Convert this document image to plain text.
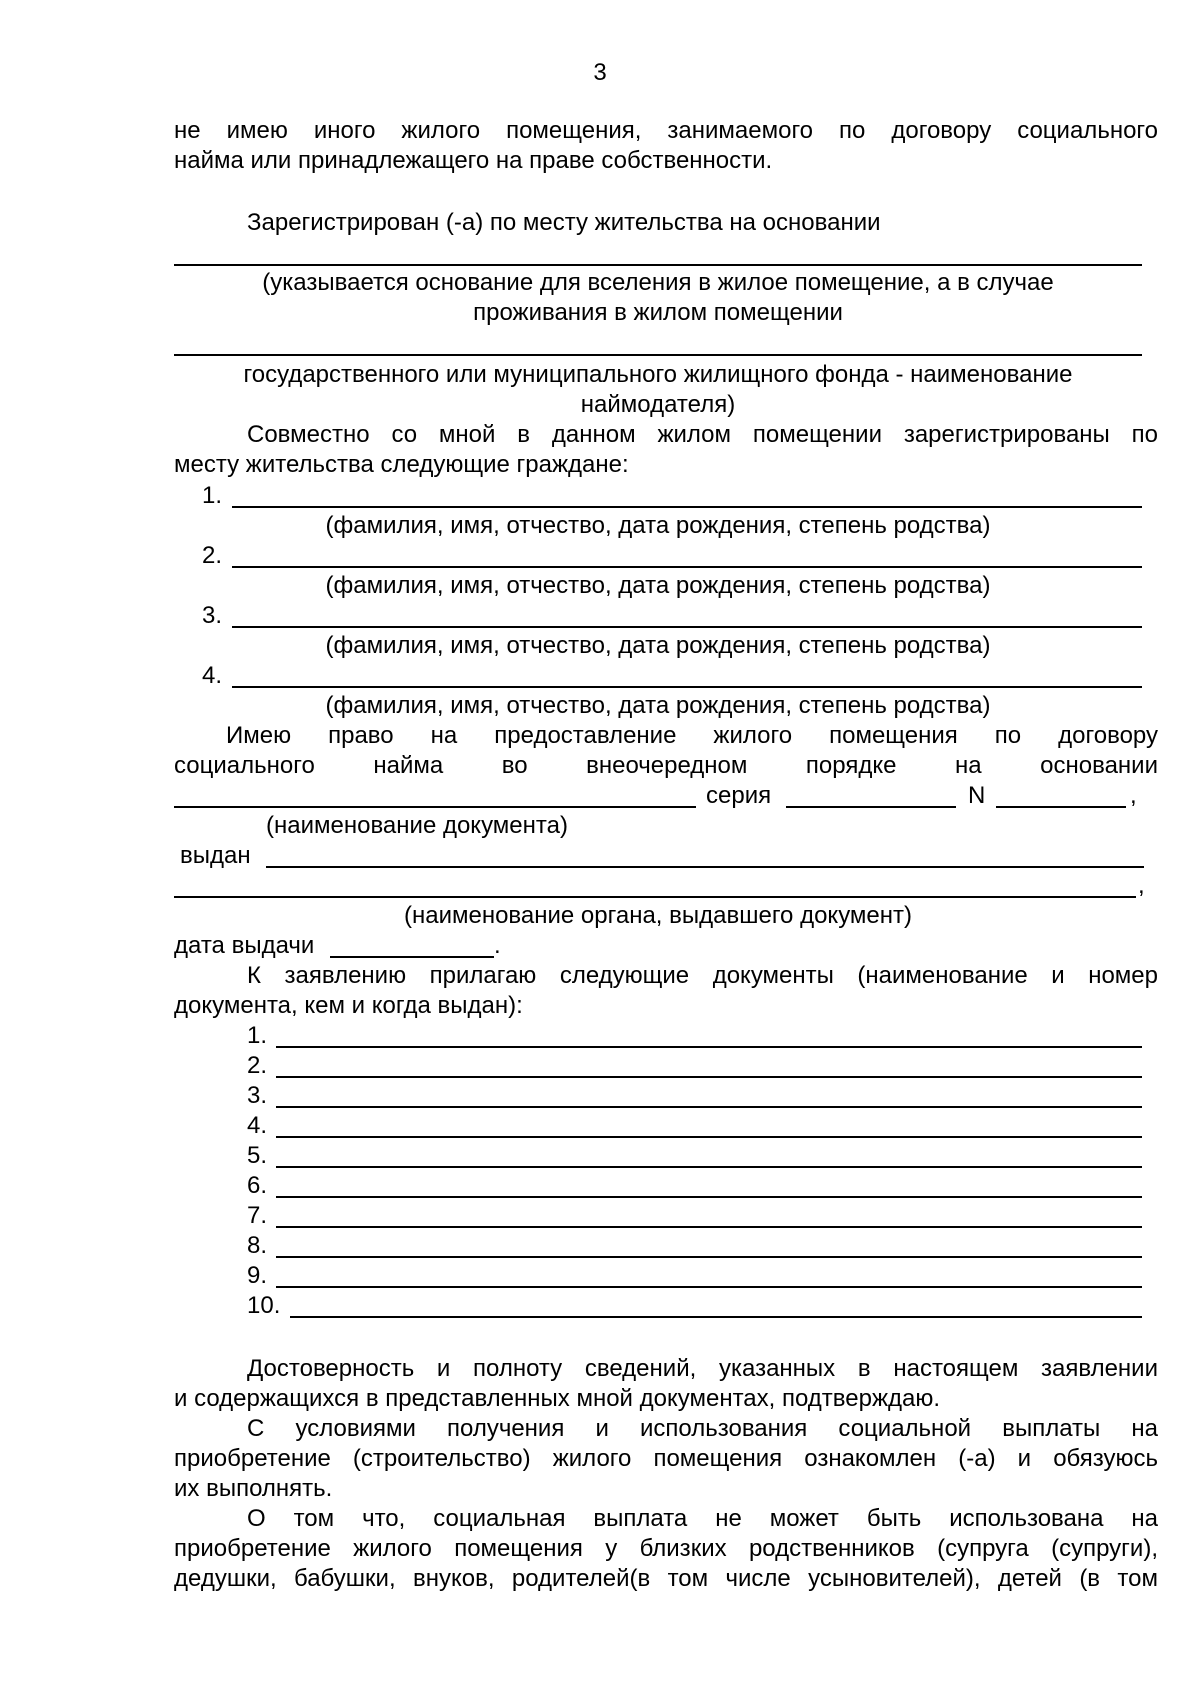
3
не имею иного жилого помещения, занимаемого по договору социального
найма или принадлежащего на праве собственности.
Зарегистрирован (-а) по месту жительства на основании
(указывается основание для вселения в жилое помещение, а в случае
проживания в жилом помещении
государственного или муниципального жилищного фонда - наименование
наймодателя)
Совместно со мной в данном жилом помещении зарегистрированы по
месту жительства следующие граждане:
1.
(фамилия, имя, отчество, дата рождения, степень родства)
2.
(фамилия, имя, отчество, дата рождения, степень родства)
3.
(фамилия, имя, отчество, дата рождения, степень родства)
4.
(фамилия, имя, отчество, дата рождения, степень родства)
Имею право на предоставление жилого помещения по договору
социального найма во внеочередном порядке на основании
серия	N	,
(наименование документа)
выдан
,
(наименование органа, выдавшего документ)
дата выдачи	.
К заявлению прилагаю следующие документы (наименование и номер
документа, кем и когда выдан):
1.
2.
3.
4.
5.
6.
7.
8.
9.
10.
Достоверность и полноту сведений, указанных в настоящем заявлении
и содержащихся в представленных мной документах, подтверждаю.
С условиями получения и использования социальной выплаты на
приобретение (строительство) жилого помещения ознакомлен (-а) и обязуюсь
их выполнять.
О том что, социальная выплата не может быть использована на
приобретение жилого помещения у близких родственников (супруга (супруги),
дедушки, бабушки, внуков, родителей(в том числе усыновителей), детей (в том
